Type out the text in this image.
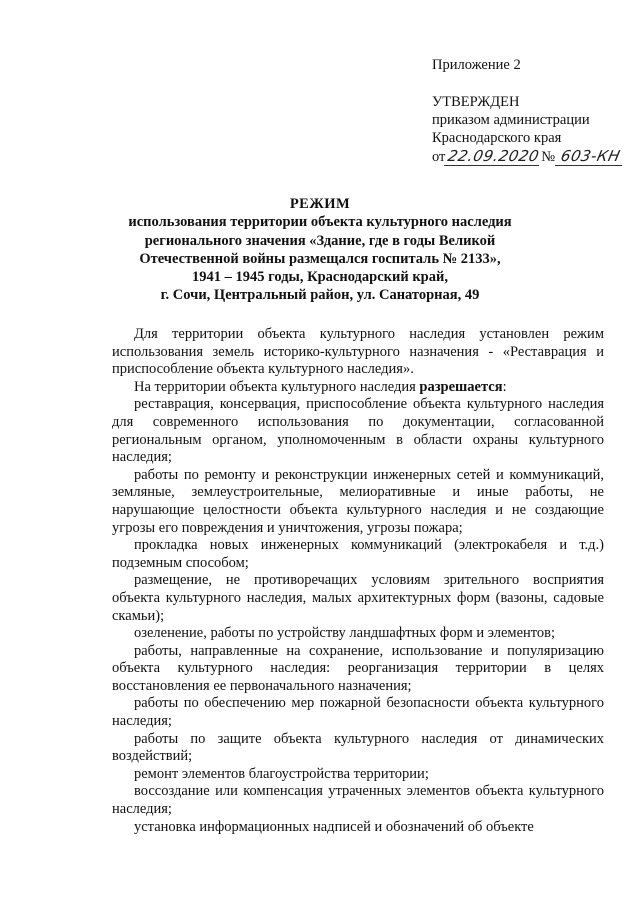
Приложение 2
УТВЕРЖДЕН
приказом администрации
Краснодарского края
от22.09.2020№ 603-КН
РЕЖИМ
использования территории объекта культурного наследия
регионального значения «Здание, где в годы Великой
Отечественной войны размещался госпиталь № 2133»,
1941 – 1945 годы, Краснодарский край,
г. Сочи, Центральный район, ул. Санаторная, 49

Для территории объекта культурного наследия установлен режим использования земель историко-культурного назначения - «Реставрация и приспособление объекта культурного наследия».

На территории объекта культурного наследия разрешается:

реставрация, консервация, приспособление объекта культурного наследия для современного использования по документации, согласованной региональным органом, уполномоченным в области охраны культурного наследия;

работы по ремонту и реконструкции инженерных сетей и коммуникаций, земляные, землеустроительные, мелиоративные и иные работы, не нарушающие целостности объекта культурного наследия и не создающие угрозы его повреждения и уничтожения, угрозы пожара;

прокладка новых инженерных коммуникаций (электрокабеля и т.д.) подземным способом;

размещение, не противоречащих условиям зрительного восприятия объекта культурного наследия, малых архитектурных форм (вазоны, садовые скамьи);

озеленение, работы по устройству ландшафтных форм и элементов;

работы, направленные на сохранение, использование и популяризацию объекта культурного наследия: реорганизация территории в целях восстановления ее первоначального назначения;

работы по обеспечению мер пожарной безопасности объекта культурного наследия;

работы по защите объекта культурного наследия от динамических воздействий;

ремонт элементов благоустройства территории;

воссоздание или компенсация утраченных элементов объекта культурного наследия;

установка информационных надписей и обозначений об объекте
